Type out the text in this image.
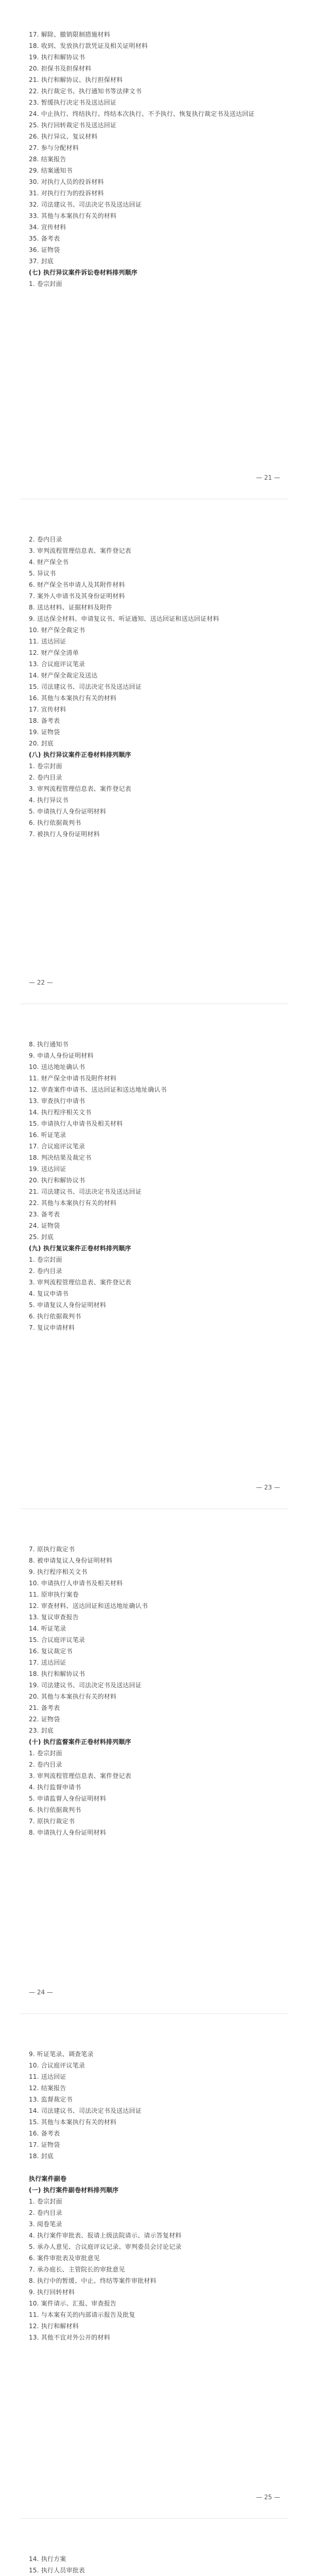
17. 解除、撤销限制措施材料
18. 收到、发放执行款凭证及相关证明材料
19. 执行和解协议书
20. 担保书及担保材料
21. 执行和解协议、执行担保材料
22. 执行裁定书、执行通知书等法律文书
23. 暂缓执行决定书及送达回证
24. 中止执行、终结执行、终结本次执行、不予执行、恢复执行裁定书及送达回证
25. 执行回转裁定书及送达回证
26. 执行异议、复议材料
27. 参与分配材料
28. 结案报告
29. 结案通知书
30. 对执行人员的投诉材料
31. 对执行行为的投诉材料
32. 司法建议书、司法决定书及送达回证
33. 其他与本案执行有关的材料
34. 宣传材料
35. 备考表
36. 证物袋
37. 封底
(七) 执行异议案件诉讼卷材料排列顺序
1. 卷宗封面
— 21 —
2. 卷内目录
3. 审判流程管理信息表、案件登记表
4. 财产保全书
5. 异议书
6. 财产保全书申请人及其附件材料
7. 案外人申请书及其身份证明材料
8. 送达材料、证据材料及附件
9. 送达保全材料、申请复议书、听证通知、送达回证和送达回证材料
10. 财产保全裁定书
11. 送达回证
12. 财产保全清单
13. 合议庭评议笔录
14. 财产保全裁定及送达
15. 司法建议书、司法决定书及送达回证
16. 其他与本案执行有关的材料
17. 宣传材料
18. 备考表
19. 证物袋
20. 封底
(八) 执行异议案件正卷材料排列顺序
1. 卷宗封面
2. 卷内目录
3. 审判流程管理信息表、案件登记表
4. 执行异议书
5. 申请执行人身份证明材料
6. 执行依据裁判书
7. 被执行人身份证明材料
— 22 —
8. 执行通知书
9. 申请人身份证明材料
10. 送达地址确认书
11. 财产保全申请书及附件材料
12. 审查案件申请书、送达回证和送达地址确认书
13. 审查执行申请书
14. 执行程序相关文书
15. 申请执行人申请书及相关材料
16. 听证笔录
17. 合议庭评议笔录
18. 判决结果及裁定书
19. 送达回证
20. 执行和解协议书
21. 司法建议书、司法决定书及送达回证
22. 其他与本案执行有关的材料
23. 备考表
24. 证物袋
25. 封底
(九) 执行复议案件正卷材料排列顺序
1. 卷宗封面
2. 卷内目录
3. 审判流程管理信息表、案件登记表
4. 复议申请书
5. 申请复议人身份证明材料
6. 执行依据裁判书
7. 复议申请材料
— 23 —
7. 原执行裁定书
8. 被申请复议人身份证明材料
9. 执行程序相关文书
10. 申请执行人申请书及相关材料
11. 原审执行案卷
12. 审查材料、送达回证和送达地址确认书
13. 复议审查报告
14. 听证笔录
15. 合议庭评议笔录
16. 复议裁定书
17. 送达回证
18. 执行和解协议书
19. 司法建议书、司法决定书及送达回证
20. 其他与本案执行有关的材料
21. 备考表
22. 证物袋
23. 封底
(十) 执行监督案件正卷材料排列顺序
1. 卷宗封面
2. 卷内目录
3. 审判流程管理信息表、案件登记表
4. 执行监督申请书
5. 申请监督人身份证明材料
6. 执行依据裁判书
7. 原执行裁定书
8. 申请执行人身份证明材料
— 24 —
9. 听证笔录、调查笔录
10. 合议庭评议笔录
11. 送达回证
12. 结案报告
13. 监督裁定书
14. 司法建议书、司法决定书及送达回证
15. 其他与本案执行有关的材料
16. 备考表
17. 证物袋
18. 封底
执行案件副卷
(一) 执行案件副卷材料排列顺序
1. 卷宗封面
2. 卷内目录
3. 阅卷笔录
4. 执行案件审批表、报请上级法院请示、请示答复材料
5. 承办人意见、合议庭评议记录、审判委员会讨论记录
6. 案件审批表及审批意见
7. 承办庭长、主管院长的审批意见
8. 执行中的暂缓、中止、终结等案件审批材料
9. 执行回转材料
10. 案件请示、汇报、审查报告
11. 与本案有关的内部请示报告及批复
12. 执行和解材料
13. 其他不宜对外公开的材料
— 25 —
14. 执行方案
15. 执行人员审批表
